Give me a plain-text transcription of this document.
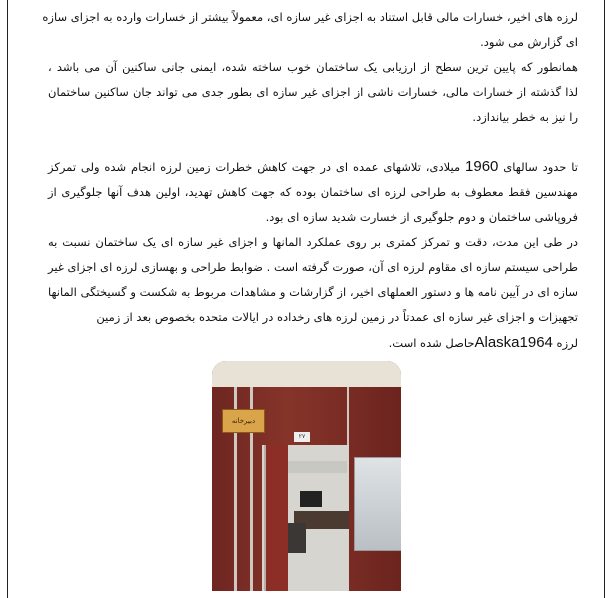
لرزه های اخیر، خسارات مالی قابل استناد به اجزای غیر سازه ای، معمولاً بیشتر از خسارات وارده به اجزای سازه
ای گزارش می شود.
همانطور که پایین ترین سطح از ارزیابی یک ساختمان خوب ساخته شده، ایمنی جانی ساکنین آن می باشد ،
لذا گذشته از خسارات مالی، خسارات ناشی از اجزای غیر سازه ای بطور جدی می تواند جان ساکنین ساختمان
را نیز به خطر بیاندازد.
تا حدود سالهای 1960 میلادی، تلاشهای عمده ای در جهت کاهش خطرات زمین لرزه انجام شده ولی تمرکز
مهندسین فقط معطوف به طراحی لرزه ای ساختمان بوده که جهت کاهش تهدید، اولین هدف آنها جلوگیری از
فروپاشی ساختمان و دوم جلوگیری از خسارت شدید سازه ای بود.
در طی این مدت، دقت و تمرکز کمتری بر روی عملکرد المانها و اجزای غیر سازه ای یک ساختمان نسبت به
طراحی سیستم سازه ای مقاوم لرزه ای آن، صورت گرفته است . ضوابط طراحی و بهسازی لرزه ای اجزای غیر
سازه ای در آیین نامه ها و دستور العملهای اخیر، از گزارشات و مشاهدات مربوط به شکست و گسیختگی المانها
تجهیزات و اجزای غیر سازه ای عمدتاً در زمین لرزه های رخداده در ایالات متحده بخصوص بعد از زمین
لرزه Alaska1964حاصل شده است.
دبیرخانه
۲۷
